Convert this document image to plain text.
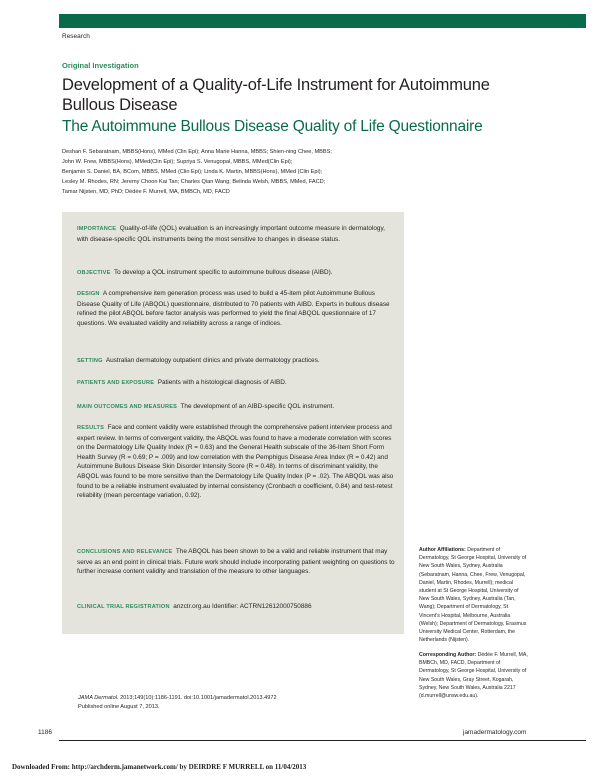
Research
Original Investigation
Development of a Quality-of-Life Instrument for Autoimmune Bullous Disease
The Autoimmune Bullous Disease Quality of Life Questionnaire
Deshan F. Sebaratnam, MBBS(Hons), MMed (Clin Epi); Anna Marie Hanna, MBBS; Shien-ning Chee, MBBS;
John W. Frew, MBBS(Hons), MMed(Clin Epi); Supriya S. Venugopal, MBBS, MMed(Clin Epi);
Benjamin S. Daniel, BA, BCom, MBBS, MMed (Clin Epi); Linda K. Martin, MBBS(Hons), MMed (Clin Epi);
Lesley M. Rhodes, RN; Jeremy Choon Kai Tan; Charles Qian Wang; Belinda Welsh, MBBS, MMed, FACD;
Tamar Nijsten, MD, PhD; Dédée F. Murrell, MA, BMBCh, MD, FACD

IMPORTANCE Quality-of-life (QOL) evaluation is an increasingly important outcome measure in dermatology, with disease-specific QOL instruments being the most sensitive to changes in disease status.

OBJECTIVE To develop a QOL instrument specific to autoimmune bullous disease (AIBD).

DESIGN A comprehensive item generation process was used to build a 45-item pilot Autoimmune Bullous Disease Quality of Life (ABQOL) questionnaire, distributed to 70 patients with AIBD. Experts in bullous disease refined the pilot ABQOL before factor analysis was performed to yield the final ABQOL questionnaire of 17 questions. We evaluated validity and reliability across a range of indices.

SETTING Australian dermatology outpatient clinics and private dermatology practices.

PATIENTS AND EXPOSURE Patients with a histological diagnosis of AIBD.

MAIN OUTCOMES AND MEASURES The development of an AIBD-specific QOL instrument.

RESULTS Face and content validity were established through the comprehensive patient interview process and expert review. In terms of convergent validity, the ABQOL was found to have a moderate correlation with scores on the Dermatology Life Quality Index (R = 0.63) and the General Health subscale of the 36-Item Short Form Health Survey (R = 0.69; P = .009) and low correlation with the Pemphigus Disease Area Index (R = 0.42) and Autoimmune Bullous Disease Skin Disorder Intensity Score (R = 0.48). In terms of discriminant validity, the ABQOL was found to be more sensitive than the Dermatology Life Quality Index (P = .02). The ABQOL was also found to be a reliable instrument evaluated by internal consistency (Cronbach α coefficient, 0.84) and test-retest reliability (mean percentage variation, 0.92).

CONCLUSIONS AND RELEVANCE The ABQOL has been shown to be a valid and reliable instrument that may serve as an end point in clinical trials. Future work should include incorporating patient weighting on questions to further increase content validity and translation of the measure to other languages.

CLINICAL TRIAL REGISTRATION anzctr.org.au Identifier: ACTRN12612000750886

Author Affiliations: Department of Dermatology, St George Hospital, University of New South Wales, Sydney, Australia (Sebaratnam, Hanna, Chee, Frew, Venugopal, Daniel, Martin, Rhodes, Murrell); medical student at St George Hospital, University of New South Wales, Sydney, Australia (Tan, Wang); Department of Dermatology, St Vincent's Hospital, Melbourne, Australia (Welsh); Department of Dermatology, Erasmus University Medical Center, Rotterdam, the Netherlands (Nijsten).
Corresponding Author: Dédée F. Murrell, MA, BMBCh, MD, FACD, Department of Dermatology, St George Hospital, University of New South Wales, Gray Street, Kogarah, Sydney, New South Wales, Australia 2217 (d.murrell@unsw.edu.au).
JAMA Dermatol. 2013;149(10):1186-1191. doi:10.1001/jamadermatol.2013.4972
Published online August 7, 2013.
1186	jamadermatology.com
Downloaded From: http://archderm.jamanetwork.com/ by DEIRDRE F MURRELL on 11/04/2013
